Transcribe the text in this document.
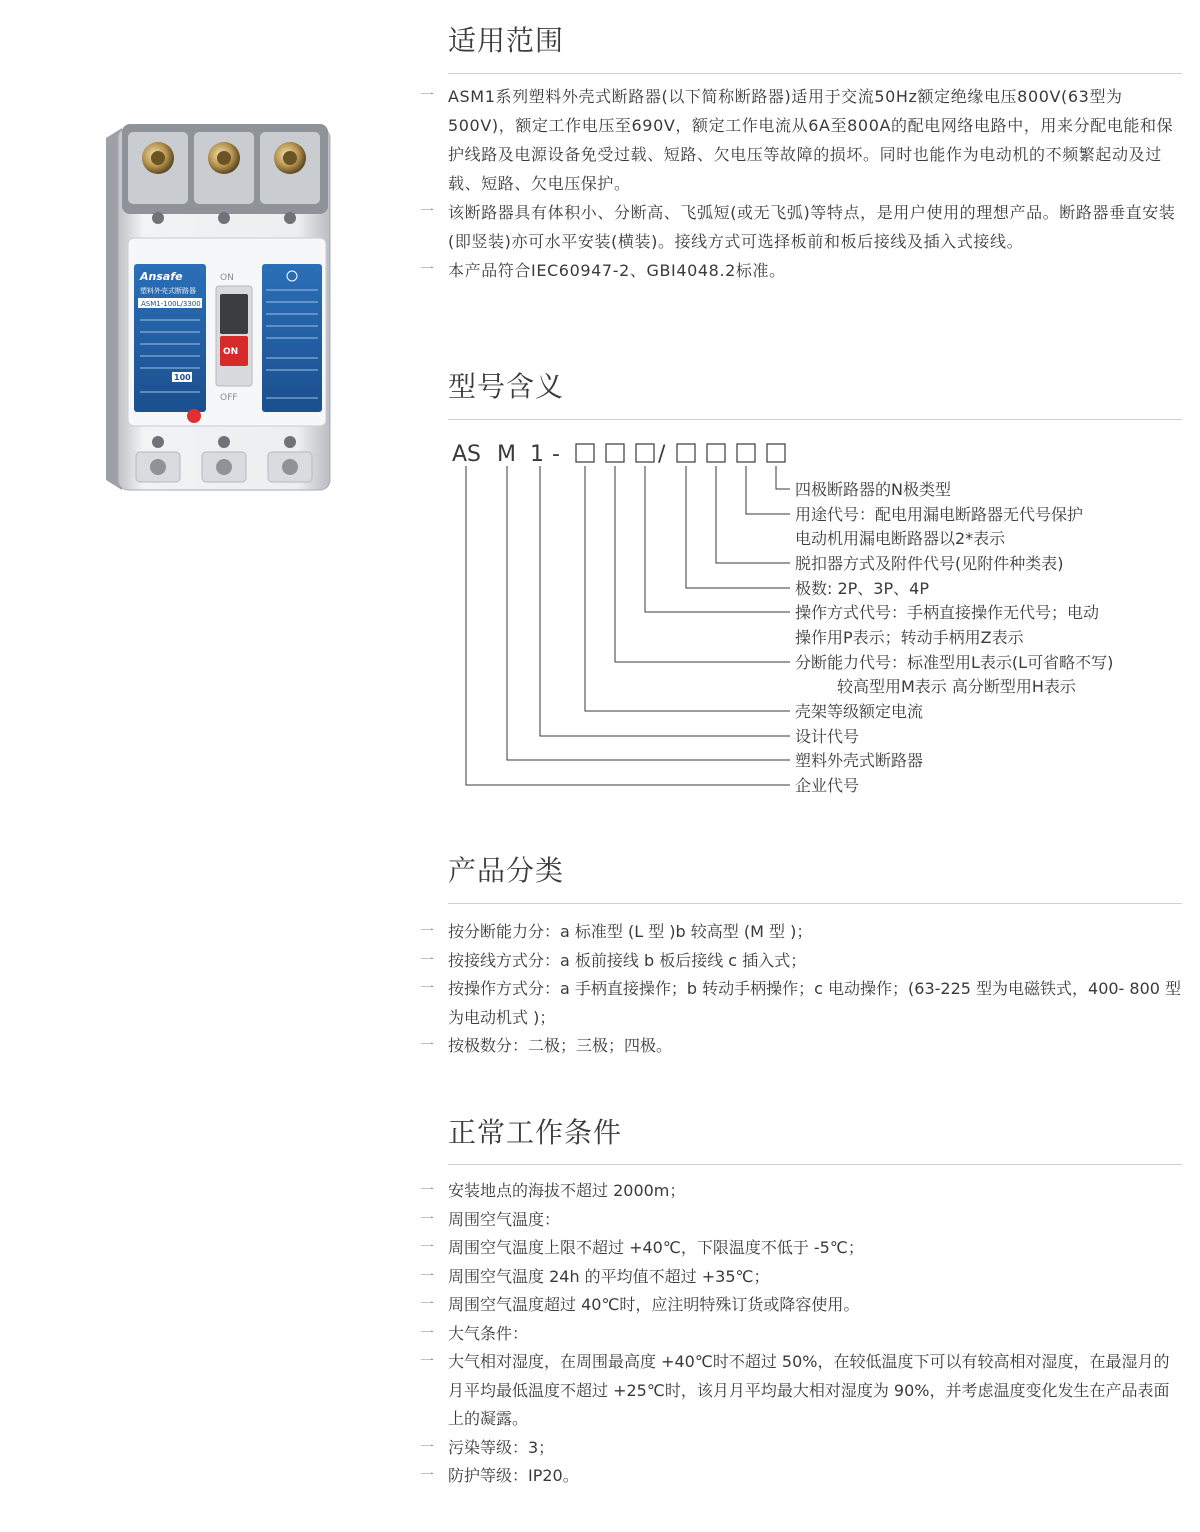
Ansafe
塑料外壳式断路器
ASM1-100L/3300
100
ON
ON
OFF
适用范围
一	ASM1系列塑料外壳式断路器(以下简称断路器)适用于交流50Hz额定绝缘电压800V(63型为500V)，额定工作电压至690V，额定工作电流从6A至800A的配电网络电路中，用来分配电能和保护线路及电源设备免受过载、短路、欠电压等故障的损坏。同时也能作为电动机的不频繁起动及过载、短路、欠电压保护。
一	该断路器具有体积小、分断高、飞弧短(或无飞弧)等特点，是用户使用的理想产品。断路器垂直安装(即竖装)亦可水平安装(横装)。接线方式可选择板前和板后接线及插入式接线。
一	本产品符合IEC60947-2、GBI4048.2标准。
型号含义
AS M 1 -	/
四极断路器的N极类型
用途代号：配电用漏电断路器无代号保护
电动机用漏电断路器以2*表示
脱扣器方式及附件代号(见附件种类表)
极数: 2P、3P、4P
操作方式代号：手柄直接操作无代号；电动
操作用P表示；转动手柄用Z表示
分断能力代号：标准型用L表示(L可省略不写)
较高型用M表示 高分断型用H表示
壳架等级额定电流
设计代号
塑料外壳式断路器
企业代号
产品分类
一	按分断能力分：a 标准型 (L 型 )b 较高型 (M 型 )；
一	按接线方式分：a 板前接线 b 板后接线 c 插入式；
一	按操作方式分：a 手柄直接操作；b 转动手柄操作；c 电动操作；(63-225 型为电磁铁式，400- 800 型为电动机式 )；
一	按极数分：二极；三极；四极。
正常工作条件
一	安装地点的海拔不超过 2000m；
一	周围空气温度：
一	周围空气温度上限不超过 +40℃，下限温度不低于 -5℃；
一	周围空气温度 24h 的平均值不超过 +35℃；
一	周围空气温度超过 40℃时，应注明特殊订货或降容使用。
一	大气条件：
一	大气相对湿度，在周围最高度 +40℃时不超过 50%，在较低温度下可以有较高相对湿度，在最湿月的月平均最低温度不超过 +25℃时，该月月平均最大相对湿度为 90%，并考虑温度变化发生在产品表面上的凝露。
一	污染等级：3；
一	防护等级：IP20。
